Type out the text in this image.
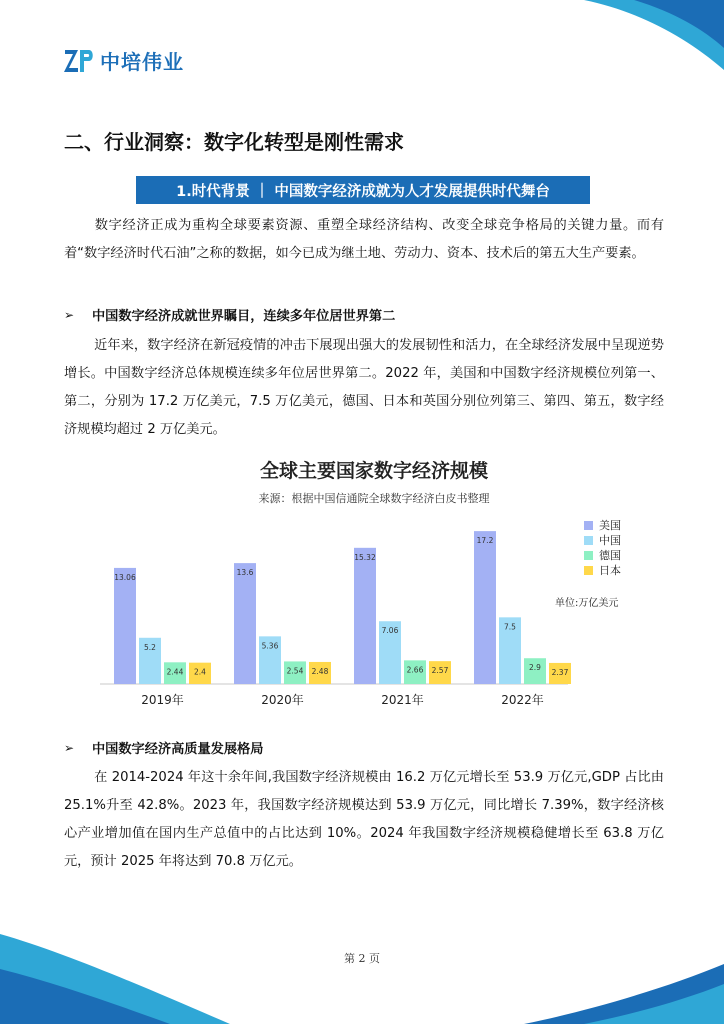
中培伟业
二、行业洞察：数字化转型是刚性需求
1.时代背景 ｜ 中国数字经济成就为人才发展提供时代舞台
数字经济正成为重构全球要素资源、重塑全球经济结构、改变全球竞争格局的关键力量。而有着“数字经济时代石油”之称的数据，如今已成为继土地、劳动力、资本、技术后的第五大生产要素。
➢	中国数字经济成就世界瞩目，连续多年位居世界第二
近年来，数字经济在新冠疫情的冲击下展现出强大的发展韧性和活力，在全球经济发展中呈现逆势增长。中国数字经济总体规模连续多年位居世界第二。2022 年，美国和中国数字经济规模位列第一、第二，分别为 17.2 万亿美元，7.5 万亿美元，德国、日本和英国分别位列第三、第四、第五，数字经济规模均超过 2 万亿美元。
全球主要国家数字经济规模
来源：根据中国信通院全球数字经济白皮书整理
13.06
5.2
2.44 2.4
2019年
13.6
5.36
2.54 2.48
2020年
15.32
7.06
2.66 2.57
2021年
17.2
7.5
2.9
2.37
2022年
美国
中国
德国
日本
单位:万亿美元
➢	中国数字经济高质量发展格局
在 2014-2024 年这十余年间,我国数字经济规模由 16.2 万亿元增长至 53.9 万亿元,GDP 占比由 25.1%升至 42.8%。2023 年，我国数字经济规模达到 53.9 万亿元，同比增长 7.39%，数字经济核心产业增加值在国内生产总值中的占比达到 10%。2024 年我国数字经济规模稳健增长至 63.8 万亿元，预计 2025 年将达到 70.8 万亿元。
第 2 页
